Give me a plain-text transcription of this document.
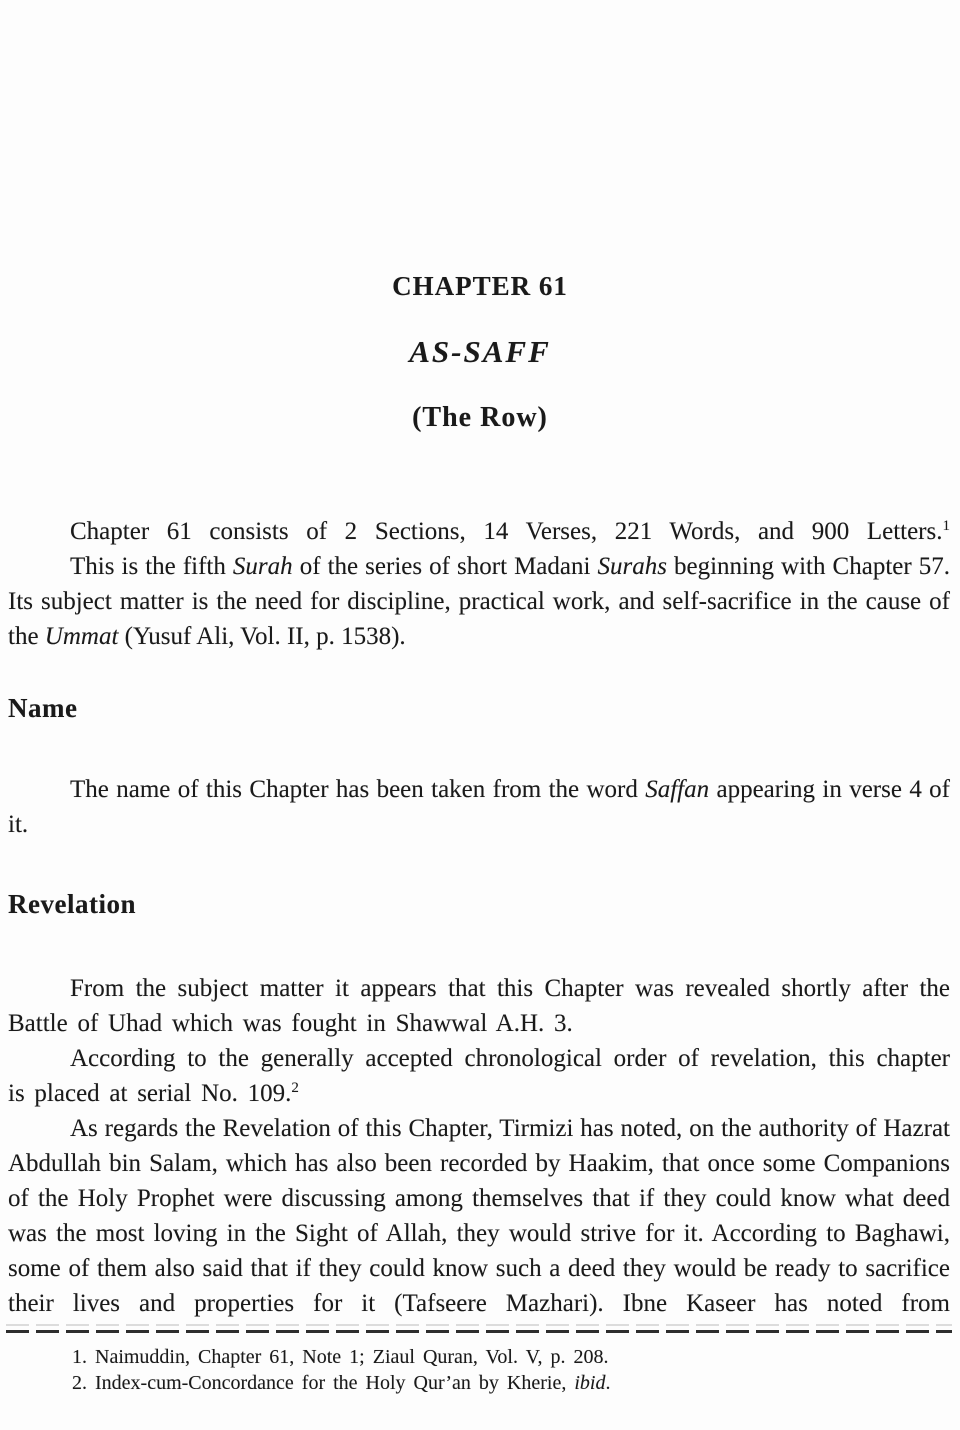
CHAPTER 61
AS-SAFF
(The Row)

Chapter 61 consists of 2 Sections, 14 Verses, 221 Words, and 900 Letters.$^1$

This is the fifth Surah of the series of short Madani Surahs beginning with Chapter 57. Its subject matter is the need for discipline, practical work, and self-sacrifice in the cause of the Ummat (Yusuf Ali, Vol. II, p. 1538).

Name

The name of this Chapter has been taken from the word Saffan appearing in verse 4 of it.

Revelation

From the subject matter it appears that this Chapter was revealed shortly after the Battle of Uhad which was fought in Shawwal A.H. 3.

According to the generally accepted chronological order of revelation, this chapter is placed at serial No. 109.$^2$

As regards the Revelation of this Chapter, Tirmizi has noted, on the authority of Hazrat Abdullah bin Salam, which has also been recorded by Haakim, that once some Companions of the Holy Prophet were discussing among themselves that if they could know what deed was the most loving in the Sight of Allah, they would strive for it. According to Baghawi, some of them also said that if they could know such a deed they would be ready to sacrifice their lives and properties for it (Tafseere Mazhari). Ibne Kaseer has noted from

1. Naimuddin, Chapter 61, Note 1; Ziaul Quran, Vol. V, p. 208.

2. Index-cum-Concordance for the Holy Qur’an by Kherie, ibid.
